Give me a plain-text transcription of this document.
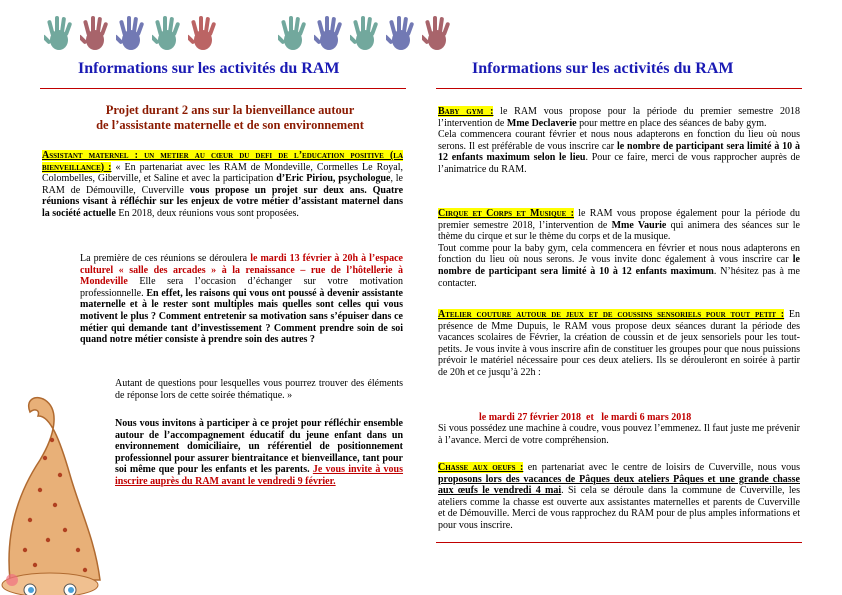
Informations sur les activités du RAM
Projet durant 2 ans sur la bienveillance autour
de l’assistante maternelle et de son environnement

Assistant maternel : un metier au cœur du defi de l’education positive (la bienveillance) : « En partenariat avec les RAM de Mondeville, Cormelles Le Royal, Colombelles, Giberville, et Saline et avec la participation d’Eric Piriou, psychologue, le RAM de Démouville, Cuverville vous propose un projet sur deux ans. Quatre réunions visant à réfléchir sur les enjeux de votre métier d’assistant maternel dans la société actuelle En 2018, deux réunions vous sont proposées.

La première de ces réunions se déroulera le mardi 13 février à 20h à l’espace culturel « salle des arcades » à la renaissance – rue de l’hôtellerie à Mondeville Elle sera l’occasion d’échanger sur votre motivation professionnelle. En effet, les raisons qui vous ont poussé à devenir assistante maternelle et à le rester sont multiples mais quelles sont celles qui vous motivent le plus ? Comment entretenir sa motivation sans s’épuiser dans ce métier qui demande tant d’investissement ? Comment prendre soin de soi quand notre métier consiste à prendre soin des autres ?

Autant de questions pour lesquelles vous pourrez trouver des éléments de réponse lors de cette soirée thématique. »

Nous vous invitons à participer à ce projet pour réfléchir ensemble autour de l’accompagnement éducatif du jeune enfant dans un environnement domiciliaire, un référentiel de positionnement professionnel pour assurer bientraitance et bienveillance, tant pour soi même que pour les enfants et les parents. Je vous invite à vous inscrire auprès du RAM avant le vendredi 9 février.

Informations sur les activités du RAM

Baby gym : le RAM vous propose pour la période du premier semestre 2018 l’intervention de Mme Declaverie pour mettre en place des séances de baby gym.

Cela commencera courant février et nous nous adapterons en fonction du lieu où nous serons. Il est préférable de vous inscrire car le nombre de participant sera limité à 10 à 12 enfants maximum selon le lieu. Pour ce faire, merci de vous rapprocher auprès de l’animatrice du RAM.

Cirque et Corps et Musique : le RAM vous propose également pour la période du premier semestre 2018, l’intervention de Mme Vaurie qui animera des séances sur le thème du cirque et sur le thème du corps et de la musique.

Tout comme pour la baby gym, cela commencera en février et nous nous adapterons en fonction du lieu où nous serons. Je vous invite donc également à vous inscrire car le nombre de participant sera limité à 10 à 12 enfants maximum. N’hésitez pas à me contacter.

Atelier couture autour de jeux et de coussins sensoriels pour tout petit : En présence de Mme Dupuis, le RAM vous propose deux séances durant la période des vacances scolaires de Février, la création de coussin et de jeux sensoriels pour les tout-petits. Je vous invite à vous inscrire afin de constituer les groupes pour que nous puissions prévoir le matériel nécessaire pour ces deux ateliers. Ils se dérouleront en soirée à partir de 20h et ce jusqu’à 22h :

le mardi 27 février 2018  et   le mardi 6 mars 2018

Si vous possédez une machine à coudre, vous pouvez l’emmenez. Il faut juste me prévenir à l’avance. Merci de votre compréhension.

Chasse aux oeufs : en partenariat avec le centre de loisirs de Cuverville, nous vous proposons lors des vacances de Pâques deux ateliers Pâques et une grande chasse aux œufs le vendredi 4 mai. Si cela se déroule dans la commune de Cuverville, les ateliers comme la chasse est ouverte aux assistantes maternelles et parents de Cuverville et de Démouville. Merci de vous rapprochez du RAM pour de plus amples informations et pour vous inscrire.
